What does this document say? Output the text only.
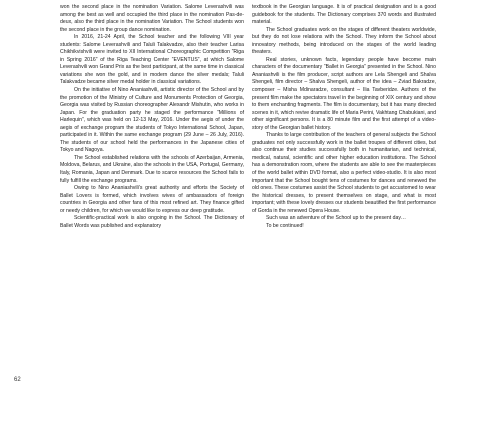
won the second place in the nomination Variation. Salome Leverashvili was among the best as well and occupied the third place in the nomination Pas-de-deux, also the third place in the nomination Variation. The School students won the second place in the group dance nomination.

In 2016, 21-24 April, the School teacher and the following VIII year students: Salome Leverashvili and Taluli Talakvadze, also their teacher Larisa Chikhikvishvili were invited to XII International Choreographic Competition “Riga in Spring 2016” of the Riga Teaching Center “EVENTUS”, at which Salome Leverashvili won Grand Prix as the best participant, at the same time in classical variations she won the gold, and in modern dance the silver medals; Taluli Talakvadze became silver medal holder in classical variations.

On the initiative of Nino Ananiashvili, artistic director of the School and by the promotion of the Ministry of Culture and Monuments Protection of Georgia, Georgia was visited by Russian choreographer Alexandr Mishutin, who works in Japan. For the graduation party he staged the performance “Millions of Harlequin”, which was held on 12-13 May, 2016. Under the aegis of under the aegis of exchange program the students of Tokyo International School, Japan, participated in it. Within the same exchange program (29 June – 26 July, 2016). The students of our school held the performances in the Japanese cities of Tokyo and Nagoya.

The School established relations with the schools of Azerbaijan, Armenia, Moldova, Belarus, and Ukraine, also the schools in the USA, Portugal, Germany, Italy, Romania, Japan and Denmark. Due to scarce resources the School fails to fully fulfill the exchange programs.

Owing to Nino Ananiashvili’s great authority and efforts the Society of Ballet Lovers is formed, which involves wives of ambassadors of foreign countries in Georgia and other fans of this most refined art. They finance gifted or needy children, for which we would like to express our deep gratitude.

Scientific-practical work is also ongoing in the School. The Dictionary of Ballet Words was published and explanatory

textbook in the Georgian language. It is of practical designation and is a good guidebook for the students. The Dictionary comprises 370 words and illustrated material.

The School graduates work on the stages of different theaters worldwide, but they do not lose relations with the School. They inform the School about innovatory methods, being introduced on the stages of the world leading theaters.

Real stories, unknown facts, legendary people have become main characters of the documentary “Ballet in Georgia” presented in the School. Nino Ananiashvili is the film producer, script authors are Lela Shengeli and Shalva Shengeli, film director – Shalva Shengeli, author of the idea – Zviad Bakradze, composer – Misha Mdinaradze, consultant – Ilia Tavberidze. Authors of the present film make the spectators travel in the beginning of XIX century and show to them enchanting fragments. The film is documentary, but it has many directed scenes in it, which revive dramatic life of Maria Perini, Vakhtang Chabukiani, and other significant persons. It is a 80 minute film and the first attempt of a video-story of the Georgian ballet history.

Thanks to large contribution of the teachers of general subjects the School graduates not only successfully work in the ballet troupes of different cities, but also continue their studies successfully both in humanitarian, and technical, medical, natural, scientific and other higher education institutions. The School has a demonstration room, where the students are able to see the masterpieces of the world ballet within DVD format, also a perfect video-studio. It is also most important that the School bought tens of costumes for dances and renewed the old ones. These costumes assist the School students to get accustomed to wear the historical dresses, to present themselves on stage, and what is most important; with these lovely dresses our students beautified the first performance of Gorda in the renewed Opera House.

Such was an adventure of the School up to the present day…

To be continued!

62
